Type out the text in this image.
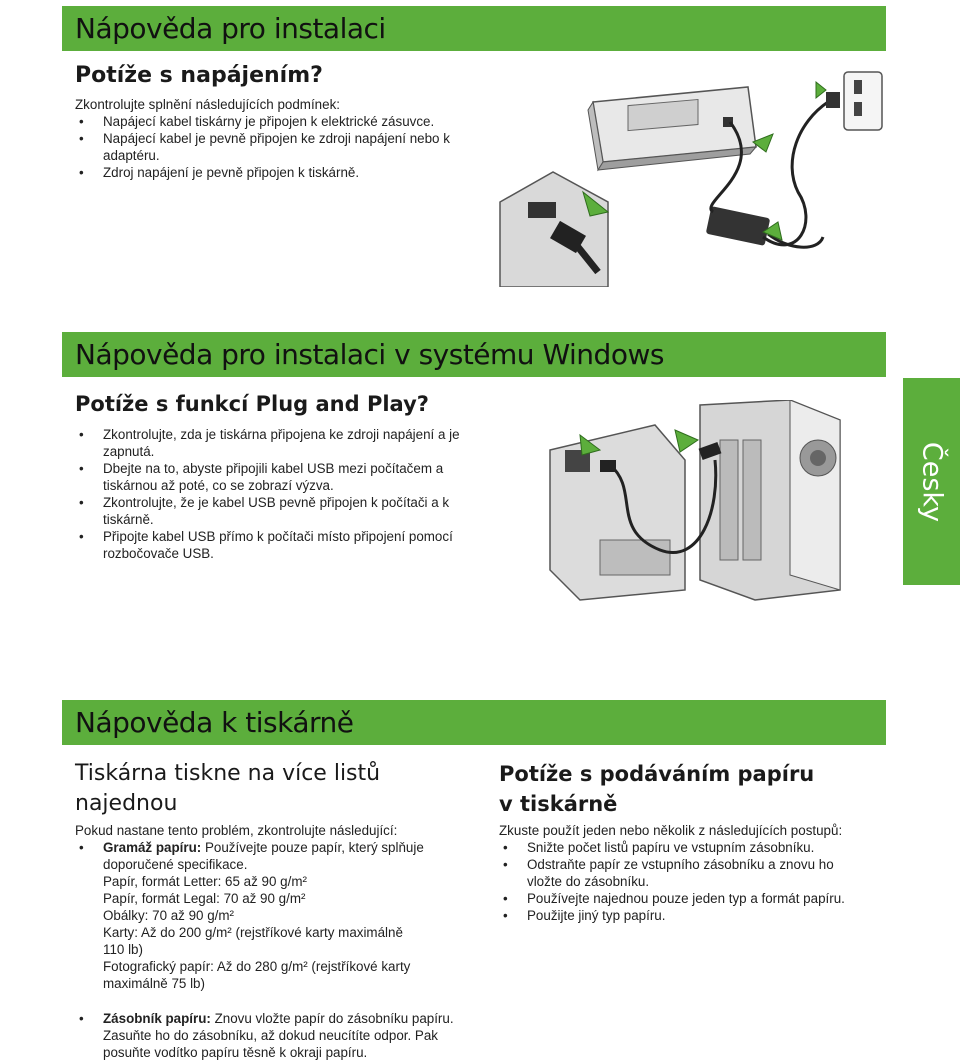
Nápověda pro instalaci
Potíže s napájením?
Zkontrolujte splnění následujících podmínek:
• Napájecí kabel tiskárny je připojen k elektrické zásuvce.
• Napájecí kabel je pevně připojen ke zdroji napájení nebo k adaptéru.
• Zdroj napájení je pevně připojen k tiskárně.
Nápověda pro instalaci v systému Windows
Potíže s funkcí Plug and Play?
• Zkontrolujte, zda je tiskárna připojena ke zdroji napájení a je zapnutá.
• Dbejte na to, abyste připojili kabel USB mezi počítačem a tiskárnou až poté, co se zobrazí výzva.
• Zkontrolujte, že je kabel USB pevně připojen k počítači a k tiskárně.
• Připojte kabel USB přímo k počítači místo připojení pomocí rozbočovače USB.
Česky
Nápověda k tiskárně
Tiskárna tiskne na více listů
najednou
Pokud nastane tento problém, zkontrolujte následující:
• Gramáž papíru: Používejte pouze papír, který splňuje doporučené specifikace.
Papír, formát Letter: 65 až 90 g/m²
Papír, formát Legal: 70 až 90 g/m²
Obálky: 70 až 90 g/m²
Karty: Až do 200 g/m² (rejstříkové karty maximálně 110 lb)
Fotografický papír: Až do 280 g/m² (rejstříkové karty maximálně 75 lb)
• Zásobník papíru: Znovu vložte papír do zásobníku papíru. Zasuňte ho do zásobníku, až dokud neucítíte odpor. Pak posuňte vodítko papíru těsně k okraji papíru.
Potíže s podáváním papíru
v tiskárně
Zkuste použít jeden nebo několik z následujících postupů:
• Snižte počet listů papíru ve vstupním zásobníku.
• Odstraňte papír ze vstupního zásobníku a znovu ho vložte do zásobníku.
• Používejte najednou pouze jeden typ a formát papíru.
• Použijte jiný typ papíru.
